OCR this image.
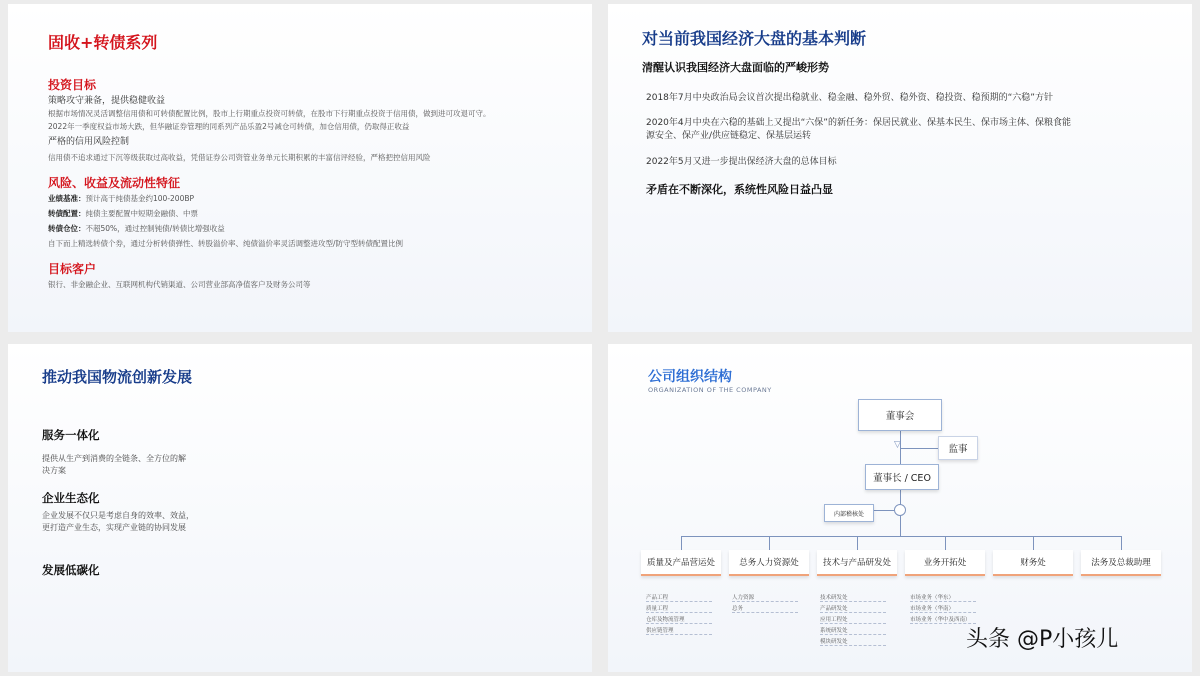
固收+转债系列
投资目标
策略攻守兼备，提供稳健收益
根据市场情况灵活调整信用债和可转债配置比例，股市上行期重点投资可转债，在股市下行期重点投资于信用债，做到进可攻退可守。
2022年一季度权益市场大跌，但华融证券管理的同系列产品乐盈2号减仓可转债，加仓信用债，仍取得正收益
严格的信用风险控制
信用债不追求通过下沉等级获取过高收益，凭借证券公司资管业务单元长期积累的丰富信评经验，严格把控信用风险
风险、收益及流动性特征
业绩基准：预计高于纯债基金约100-200BP
转债配置：纯债主要配置中短期金融债、中票
转债仓位：不超50%，通过控制钝债/转债比增强收益
自下而上精选转债个券，通过分析转债弹性、转股溢价率、纯债溢价率灵活调整进攻型/防守型转债配置比例
目标客户
银行、非金融企业、互联网机构代销渠道、公司营业部高净值客户及财务公司等
对当前我国经济大盘的基本判断
清醒认识我国经济大盘面临的严峻形势
2018年7月中央政治局会议首次提出稳就业、稳金融、稳外贸、稳外资、稳投资、稳预期的“六稳”方针
2020年4月中央在六稳的基础上又提出“六保”的新任务：保居民就业、保基本民生、保市场主体、保粮食能
源安全、保产业/供应链稳定、保基层运转
2022年5月又进一步提出保经济大盘的总体目标
矛盾在不断深化，系统性风险日益凸显
推动我国物流创新发展
服务一体化
提供从生产到消费的全链条、全方位的解
决方案
企业生态化
企业发展不仅只是考虑自身的效率、效益，
更打造产业生态，实现产业链的协同发展
发展低碳化
公司组织结构
ORGANIZATION OF THE COMPANY
▽
董事会
监事
董事长 / CEO
内部稽核处
质量及产品营运处	总务人力资源处	技术与产品研发处	业务开拓处	财务处	法务及总裁助理
产品工程
质量工程
仓库及物流管理
供应链管理
人力资源
总务
技术研发处
产品研发处
应用工程处
系统研发处
模块研发处
市场业务（华东）
市场业务（华南）
市场业务（华中及西南）
头条 @P小孩儿
